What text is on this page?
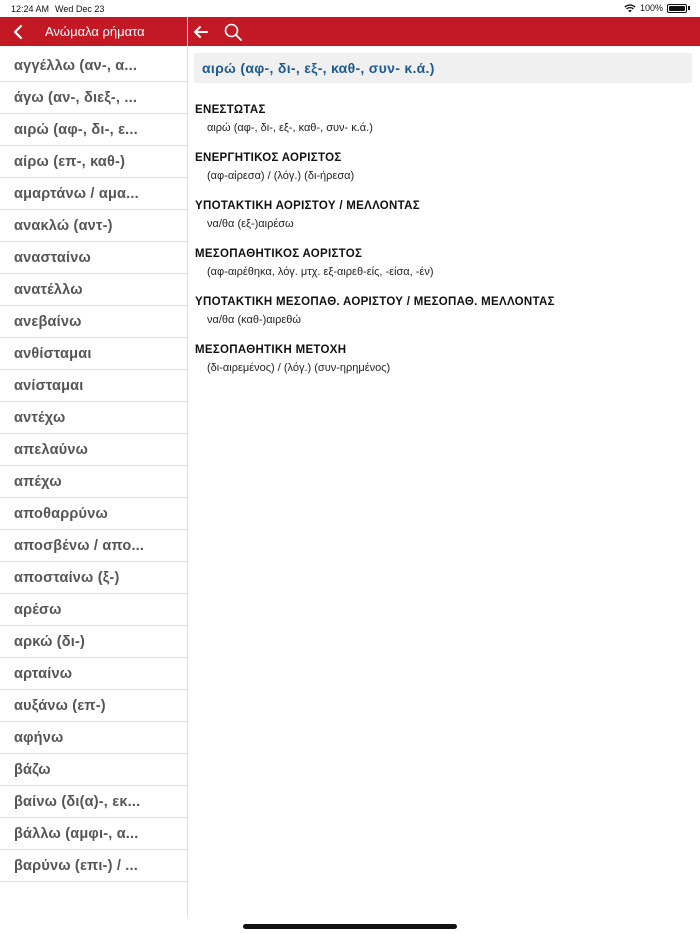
12:24 AM Wed Dec 23	100%
Ανώμαλα ρήματα
αγγέλλω (αν-, α...
άγω (αν-, διεξ-, ...
αιρώ (αφ-, δι-, ε...
αίρω (επ-, καθ-)
αμαρτάνω / αμα...
ανακλώ (αντ-)
ανασταίνω
ανατέλλω
ανεβαίνω
ανθίσταμαι
ανίσταμαι
αντέχω
απελαύνω
απέχω
αποθαρρύνω
αποσβένω / απο...
αποσταίνω (ξ-)
αρέσω
αρκώ (δι-)
αρταίνω
αυξάνω (επ-)
αφήνω
βάζω
βαίνω (δι(α)-, εκ...
βάλλω (αμφι-, α...
βαρύνω (επι-) / ...
αιρώ (αφ-, δι-, εξ-, καθ-, συν- κ.ά.)
ΕΝΕΣΤΩΤΑΣ
αιρώ (αφ-, δι-, εξ-, καθ-, συν- κ.ά.)
ΕΝΕΡΓΗΤΙΚΟΣ ΑΟΡΙΣΤΟΣ
(αφ-αίρεσα) / (λόγ.) (δι-ήρεσα)
ΥΠΟΤΑΚΤΙΚΗ ΑΟΡΙΣΤΟΥ / ΜΕΛΛΟΝΤΑΣ
να/θα (εξ-)αιρέσω
ΜΕΣΟΠΑΘΗΤΙΚΟΣ ΑΟΡΙΣΤΟΣ
(αφ-αιρέθηκα, λόγ. μτχ. εξ-αιρεθ-είς, -είσα, -έν)
ΥΠΟΤΑΚΤΙΚΗ ΜΕΣΟΠΑΘ. ΑΟΡΙΣΤΟΥ / ΜΕΣΟΠΑΘ. ΜΕΛΛΟΝΤΑΣ
να/θα (καθ-)αιρεθώ
ΜΕΣΟΠΑΘΗΤΙΚΗ ΜΕΤΟΧΗ
(δι-αιρεμένος) / (λόγ.) (συν-ηρημένος)
